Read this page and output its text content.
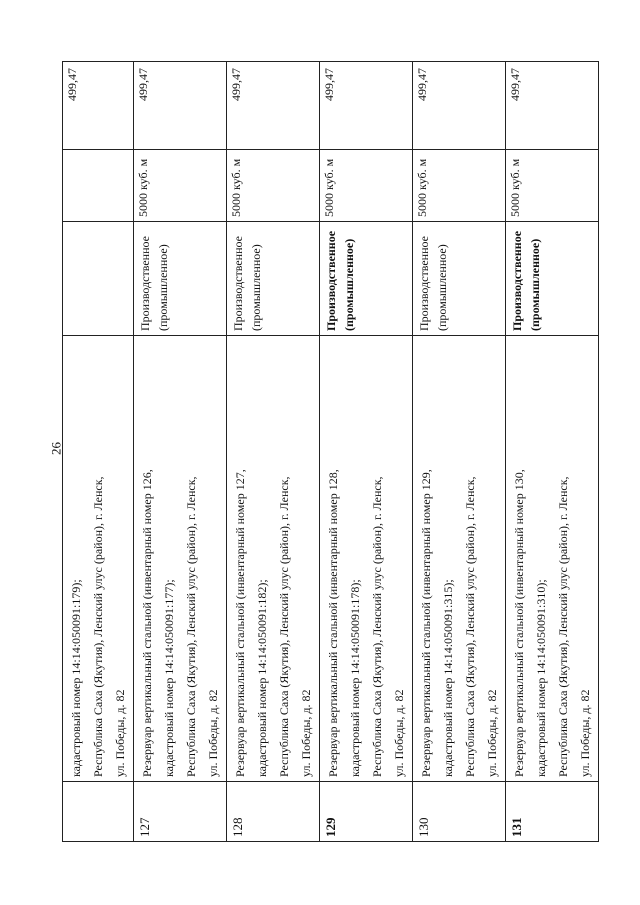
26

	кадастровый номер 14:14:050091:179); Республика Саха (Якутия), Ленский улус (район), г. Ленск, ул. Победы, д. 82			499,47
127	Резервуар вертикальный стальной (инвентарный номер 126, кадастровый номер 14:14:050091:177); Республика Саха (Якутия), Ленский улус (район), г. Ленск, ул. Победы, д. 82	Производственное (промышленное)	5000 куб. м	499,47
128	Резервуар вертикальный стальной (инвентарный номер 127, кадастровый номер 14:14:050091:182); Республика Саха (Якутия), Ленский улус (район), г. Ленск, ул. Победы, д. 82	Производственное (промышленное)	5000 куб. м	499,47
129	Резервуар вертикальный стальной (инвентарный номер 128, кадастровый номер 14:14:050091:178); Республика Саха (Якутия), Ленский улус (район), г. Ленск, ул. Победы, д. 82	Производственное (промышленное)	5000 куб. м	499,47
130	Резервуар вертикальный стальной (инвентарный номер 129, кадастровый номер 14:14:050091:315); Республика Саха (Якутия), Ленский улус (район), г. Ленск, ул. Победы, д. 82	Производственное (промышленное)	5000 куб. м	499,47
131	Резервуар вертикальный стальной (инвентарный номер 130, кадастровый номер 14:14:050091:310); Республика Саха (Якутия), Ленский улус (район), г. Ленск, ул. Победы, д. 82	Производственное (промышленное)	5000 куб. м	499,47
